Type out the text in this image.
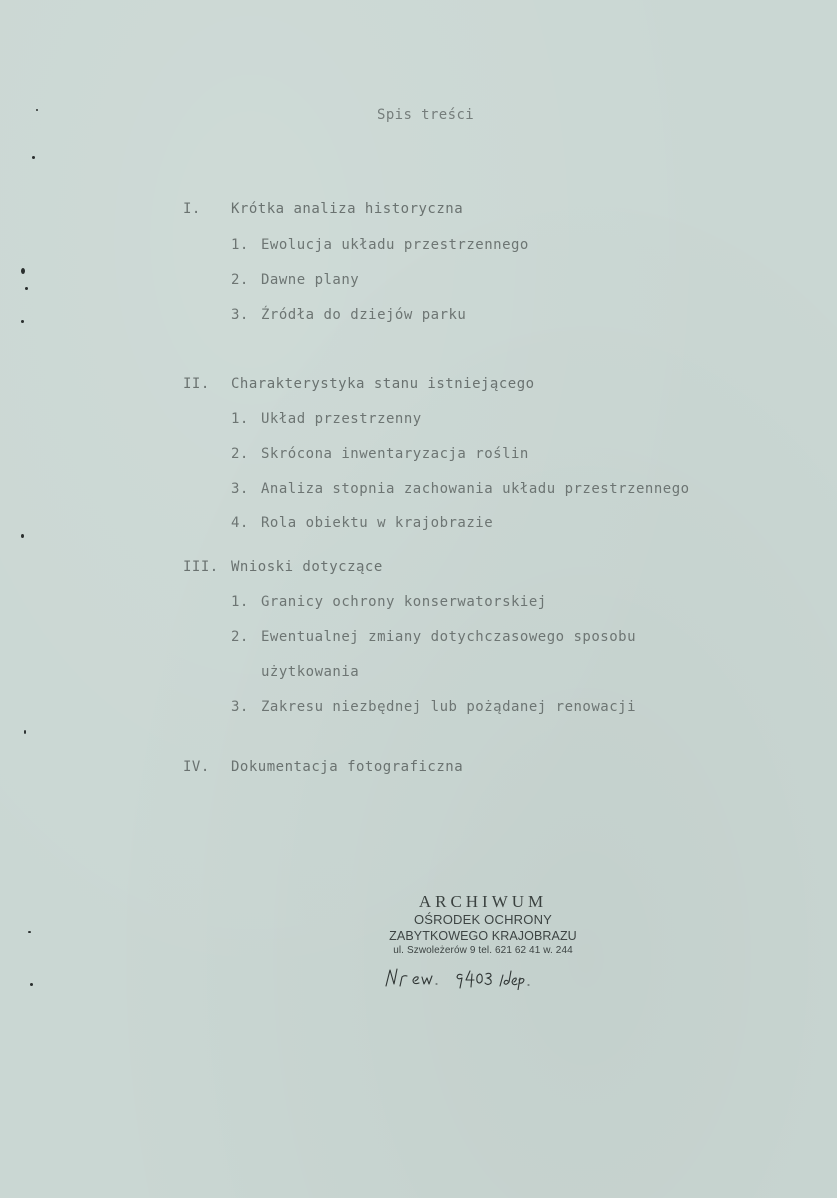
Spis treści
I. Krótka analiza historyczna
1. Ewolucja układu przestrzennego
2. Dawne plany
3. Źródła do dziejów parku
II. Charakterystyka stanu istniejącego
1. Układ przestrzenny
2. Skrócona inwentaryzacja roślin
3. Analiza stopnia zachowania układu przestrzennego
4. Rola obiektu w krajobrazie
III. Wnioski dotyczące
1. Granicy ochrony konserwatorskiej
2. Ewentualnej zmiany dotychczasowego sposobu
użytkowania
3. Zakresu niezbędnej lub pożądanej renowacji
IV. Dokumentacja fotograficzna
ARCHIWUM
OŚRODEK OCHRONY
ZABYTKOWEGO KRAJOBRAZU
ul. Szwoleżerów 9 tel. 621 62 41 w. 244
